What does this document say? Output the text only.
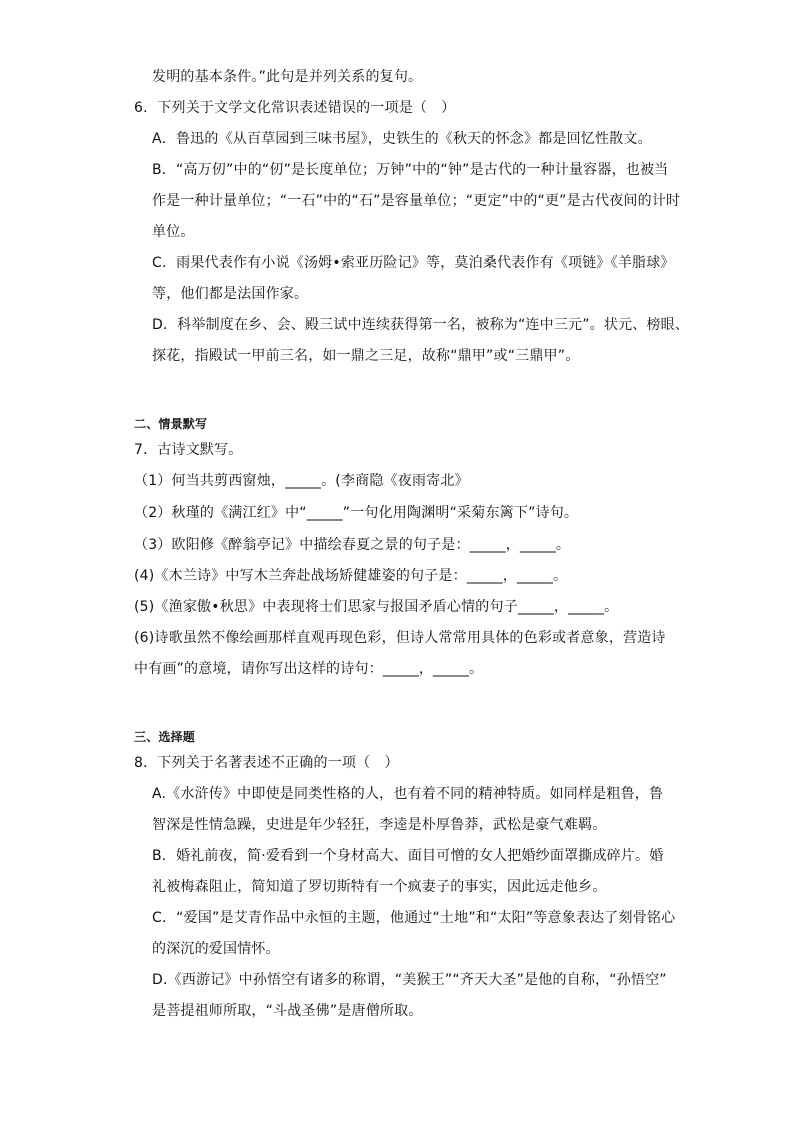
发明的基本条件。”此句是并列关系的复句。
6．下列关于文学文化常识表述错误的一项是（　）
A．鲁迅的《从百草园到三味书屋》，史铁生的《秋天的怀念》都是回忆性散文。
B．“高万仞”中的“仞”是长度单位；万钟”中的“钟”是古代的一种计量容器，也被当
作是一种计量单位；“一石”中的“石”是容量单位；“更定”中的“更”是古代夜间的计时
单位。
C．雨果代表作有小说《汤姆•索亚历险记》等，莫泊桑代表作有《项链》《羊脂球》
等，他们都是法国作家。
D．科举制度在乡、会、殿三试中连续获得第一名，被称为“连中三元”。状元、榜眼、
探花，指殿试一甲前三名，如一鼎之三足，故称“鼎甲”或“三鼎甲”。
二、情景默写
7．古诗文默写。
（1）何当共剪西窗烛，_____。(李商隐《夜雨寄北》
（2）秋瑾的《满江红》中“_____”一句化用陶渊明“采菊东篱下”诗句。
（3）欧阳修《醉翁亭记》中描绘春夏之景的句子是：_____，_____。
(4)《木兰诗》中写木兰奔赴战场矫健雄姿的句子是：_____，_____。
(5)《渔家傲•秋思》中表现将士们思家与报国矛盾心情的句子_____，_____。
(6)诗歌虽然不像绘画那样直观再现色彩，但诗人常常用具体的色彩或者意象，营造诗
中有画”的意境，请你写出这样的诗句：_____，_____。
三、选择题
8．下列关于名著表述不正确的一项（　）
A.《水浒传》中即使是同类性格的人，也有着不同的精神特质。如同样是粗鲁，鲁
智深是性情急躁，史进是年少轻狂，李逵是朴厚鲁莽，武松是豪气难羁。
B．婚礼前夜，简·爱看到一个身材高大、面目可憎的女人把婚纱面罩撕成碎片。婚
礼被梅森阻止，简知道了罗切斯特有一个疯妻子的事实，因此远走他乡。
C．“爱国”是艾青作品中永恒的主题，他通过“土地”和“太阳”等意象表达了刻骨铭心
的深沉的爱国情怀。
D.《西游记》中孙悟空有诸多的称谓，“美猴王”“齐天大圣”是他的自称，“孙悟空”
是菩提祖师所取，“斗战圣佛”是唐僧所取。
